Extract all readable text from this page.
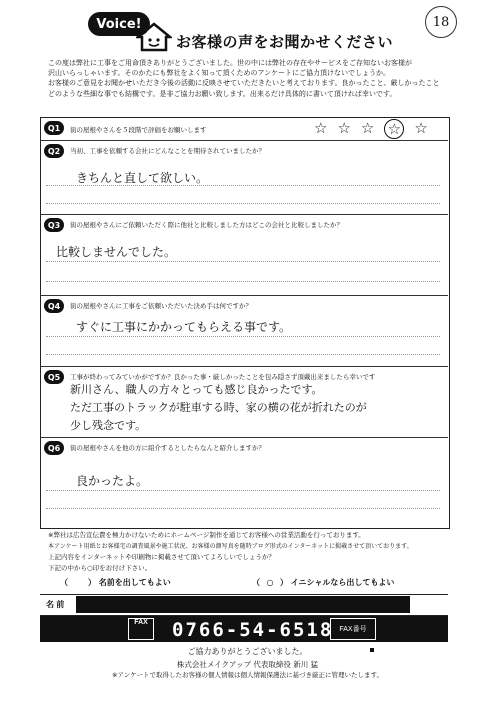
Voice!
お客様の声をお聞かせください
18
この度は弊社に工事をご用命頂きありがとうございました。世の中には弊社の存在やサービスをご存知ないお客様が
沢山いらっしゃいます。そのかたにも弊社をよく知って頂くためのアンケートにご協力頂けないでしょうか。
お客様のご意見をお聞かせいただき今後の活動に反映させていただきたいと考えております。良かったこと、厳しかったこと
どのような些細な事でも結構です。是非ご協力お願い致します。出来るだけ具体的に書いて頂ければ幸いです。
Q1	街の屋根やさんを５段階で評価をお願いします	☆ ☆ ☆ ☆ ☆
Q2	当初、工事を依頼する会社にどんなことを期待されていましたか？
きちんと直して欲しい。
Q3	街の屋根やさんにご依頼いただく際に他社と比較しました方はどこの会社と比較しましたか？
比較しませんでした。
Q4	街の屋根やさんに工事をご依頼いただいた決め手は何ですか？
すぐに工事にかかってもらえる事です。
Q5	工事が終わってみていかがですか？良かった事・厳しかったことを包み隠さず頂戴出来ましたら幸いです
新川さん、職人の方々とっても感じ良かったです。
ただ工事のトラックが駐車する時、家の横の花が折れたのが
少し残念です。
Q6	街の屋根やさんを他の方に紹介するとしたらなんと紹介しますか？
良かったよ。
※弊社は広告宣伝費を極力かけないためにホームページ制作を通じてお客様への営業活動を行っております。
本アンケート用紙とお客様宅の調査風景や施工状況、お客様の顔写真を随時ブログ形式のインターネットに掲載させて頂いております。
上記内容をインターネットや印刷物に掲載させて頂いてよろしいでしょうか？
下記の中から○印をお付け下さい。
（	） 名前を出してもよい	（ ○ ） イニシャルなら出してもよい
名 前
FAX	0766-54-6518 FAX番号
ご協力ありがとうございました。
株式会社メイクアップ 代表取締役 新川 猛
※アンケートで取得したお客様の個人情報は個人情報保護法に基づき厳正に管理いたします。
